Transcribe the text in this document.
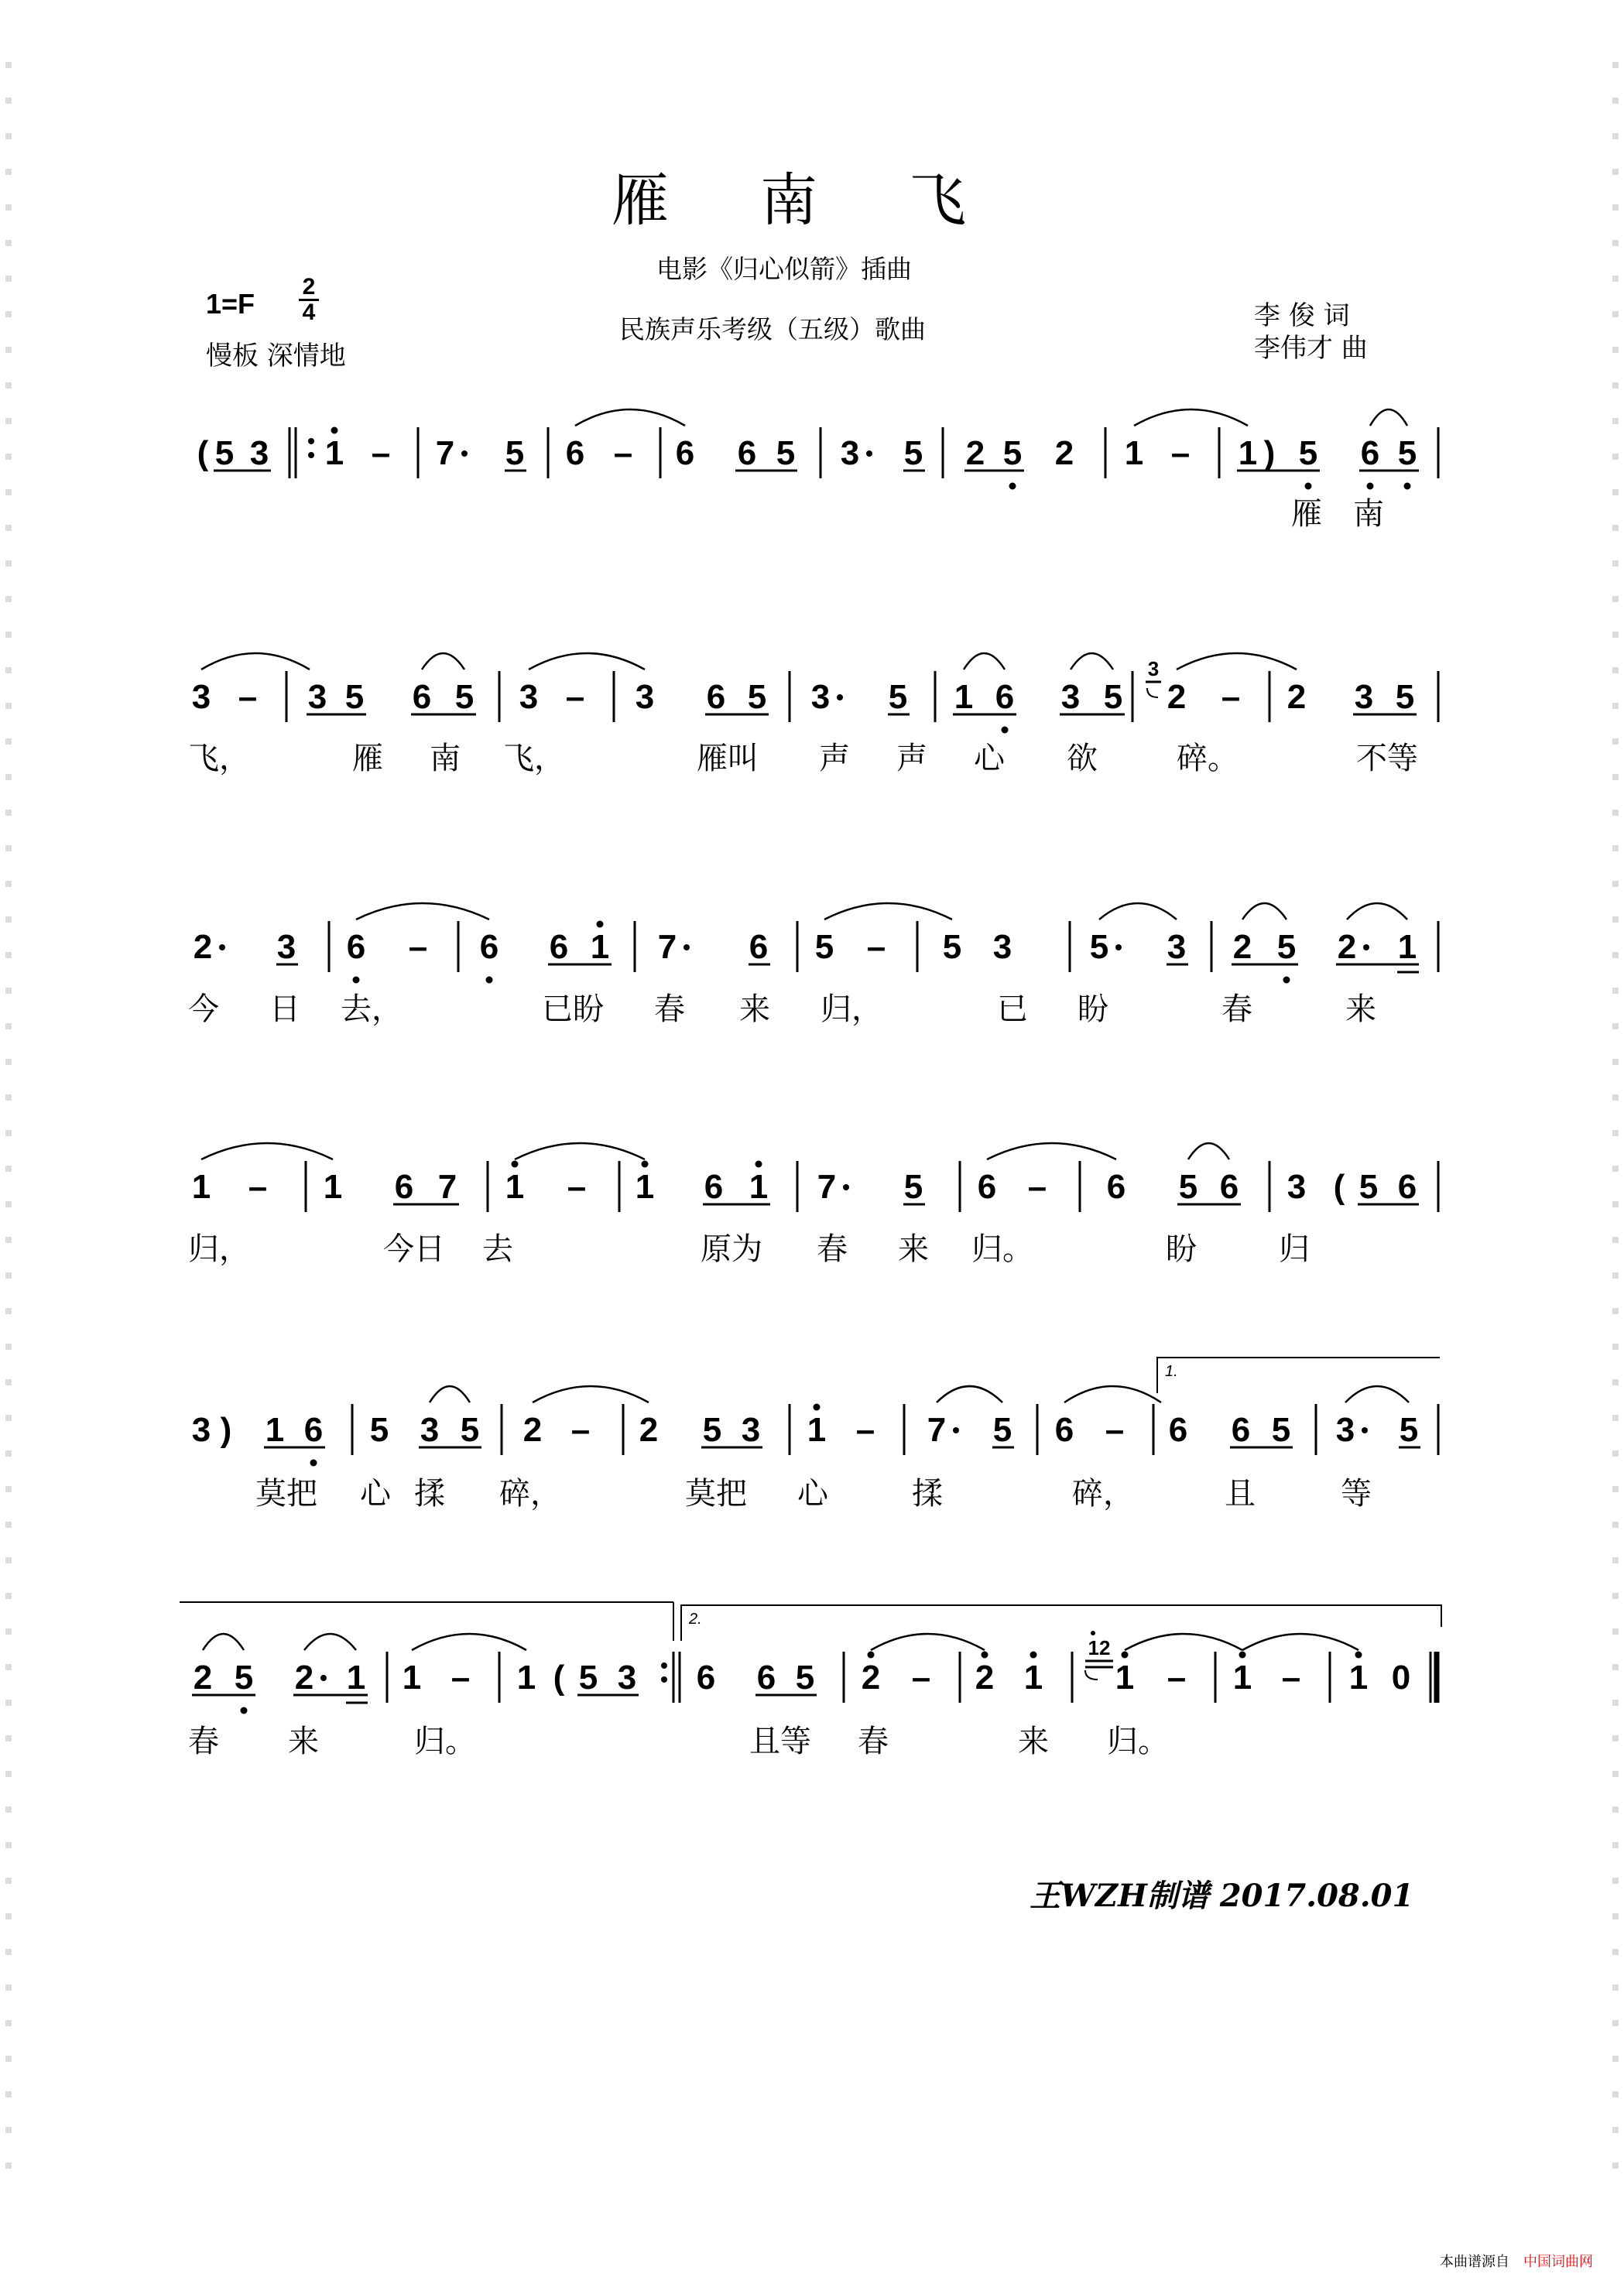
雁南飞
电影《归心似箭》插曲
民族声乐考级（五级）歌曲
1=F
2
4
慢板 深情地
李 俊 词
李伟才 曲
( 5 3 1 – 7 5 6 – 6 6 5 3 5 2 5 2 1 – 1 ) 5 6 5
3 – 3 5 6 5 3 – 3 6 5 3 5 1 6 3 5
3
2 – 2 3 5
2 3 6 – 6 6 1 7 6 5 – 5 3 5 3 2 5 2 1
1 – 1 6 7 1 – 1 6 1 7 5 6 – 6 5 6 3 ( 5 6
3 ) 1 6 5 3 5 2 – 2 5 3 1 – 7 5 6 –
1.
6 6 5 3 5
2 5 2 1 1 – 1 ( 5 3
2.
6 6 5 2 – 2 1
12
1 – 1 – 1 0
雁 南
飞，	雁 南 飞，	雁叫 声 声 心 欲	碎。	不等
今 日 去，	已盼 春 来 归，	已 盼	春	来
归，	今日 去	原为 春 来 归。	盼	归
莫把 心 揉 碎，	莫把 心	揉	碎，	且	等
春 来	归。	且等 春	来 归。
王WZH制谱 2017.08.01
本曲谱源自 中国词曲网
